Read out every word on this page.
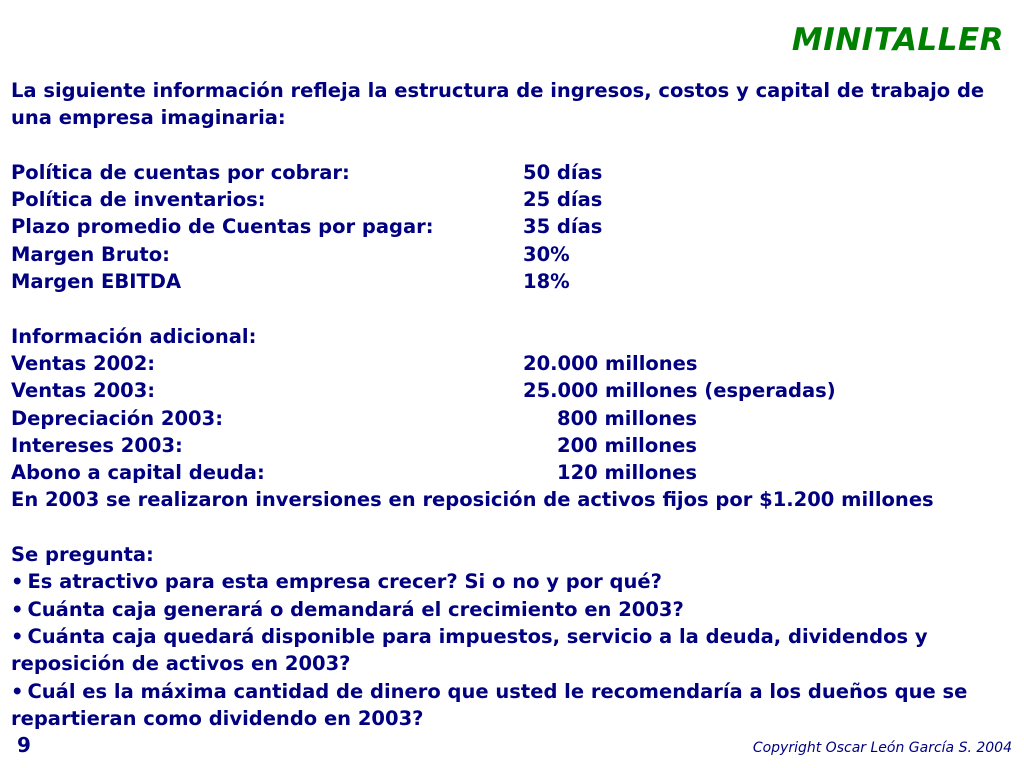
MINITALLER
La siguiente información refleja la estructura de ingresos, costos y capital de trabajo de una empresa imaginaria:
Política de cuentas por cobrar:	50 días
Política de inventarios:	25 días
Plazo promedio de Cuentas por pagar:	35 días
Margen Bruto:	30%
Margen EBITDA	18%
Información adicional:
Ventas 2002:	20.000 millones
Ventas 2003:	25.000 millones (esperadas)
Depreciación 2003:	800 millones
Intereses 2003:	200 millones
Abono a capital deuda:	120 millones
En 2003 se realizaron inversiones en reposición de activos fijos por $1.200 millones
Se pregunta:
• Es atractivo para esta empresa crecer? Si o no y por qué?
• Cuánta caja generará o demandará el crecimiento en 2003?
• Cuánta caja quedará disponible para impuestos, servicio a la deuda, dividendos y reposición de activos en 2003?
• Cuál es la máxima cantidad de dinero que usted le recomendaría a los dueños que se repartieran como dividendo en 2003?
9	Copyright Oscar León García S. 2004
